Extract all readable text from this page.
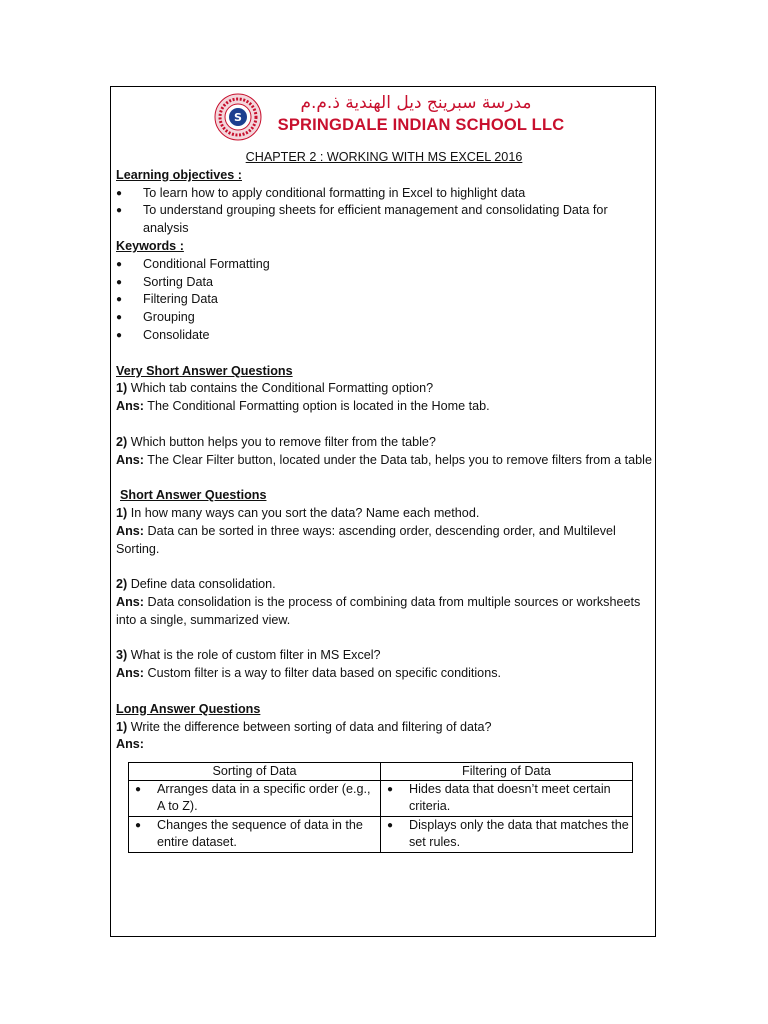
S
مدرسة سبرينج ديل الهندية ذ.م.م
SPRINGDALE INDIAN SCHOOL LLC
CHAPTER 2 : WORKING WITH MS EXCEL 2016
Learning objectives :
● To learn how to apply conditional formatting in Excel to highlight data
● To understand grouping sheets for efficient management and consolidating Data for analysis
Keywords :
● Conditional Formatting
● Sorting Data
● Filtering Data
● Grouping
● Consolidate
Very Short Answer Questions
1) Which tab contains the Conditional Formatting option?
Ans: The Conditional Formatting option is located in the Home tab.
2) Which button helps you to remove filter from the table?
Ans: The Clear Filter button, located under the Data tab, helps you to remove filters from a table
Short Answer Questions
1) In how many ways can you sort the data? Name each method.
Ans: Data can be sorted in three ways: ascending order, descending order, and Multilevel Sorting.
2) Define data consolidation.
Ans: Data consolidation is the process of combining data from multiple sources or worksheets into a single, summarized view.
3) What is the role of custom filter in MS Excel?
Ans: Custom filter is a way to filter data based on specific conditions.
Long Answer Questions
1) Write the difference between sorting of data and filtering of data?
Ans:
Sorting of Data	Filtering of Data

● Arranges data in a specific order (e.g., A to Z).	● Hides data that doesn’t meet certain criteria.

● Changes the sequence of data in the entire dataset.	● Displays only the data that matches the set rules.
